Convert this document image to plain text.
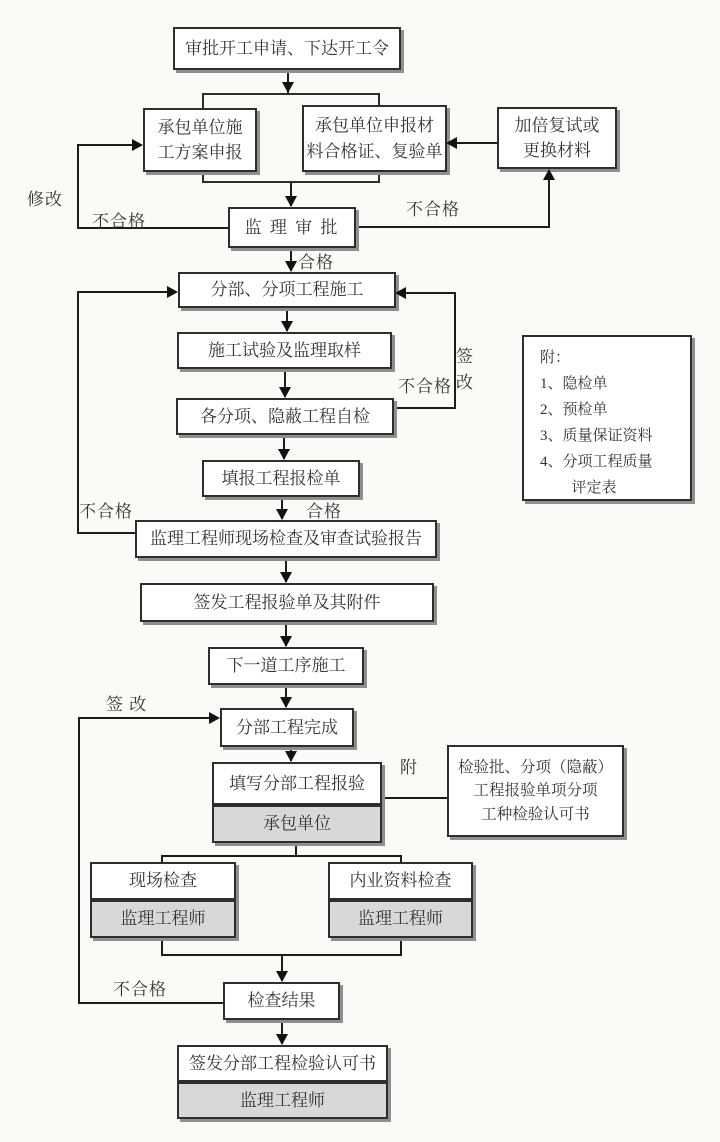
审批开工申请、下达开工令
承包单位施
工方案申报
承包单位申报材
料合格证、复验单
加倍复试或
更换材料
监 理 审 批
分部、分项工程施工
施工试验及监理取样
各分项、隐蔽工程自检
填报工程报检单
附：
1、隐检单
2、预检单
3、质量保证资料
4、分项工程质量
评定表
监理工程师现场检查及审查试验报告
签发工程报验单及其附件
下一道工序施工
分部工程完成
填写分部工程报验
承包单位
检验批、分项（隐蔽）
工程报验单项分项
工种检验认可书
现场检查
监理工程师
内业资料检查
监理工程师
检查结果
签发分部工程检验认可书
监理工程师
修改
不合格
不合格
合格
不合格
签
改
不合格	合格
签 改
附
不合格
